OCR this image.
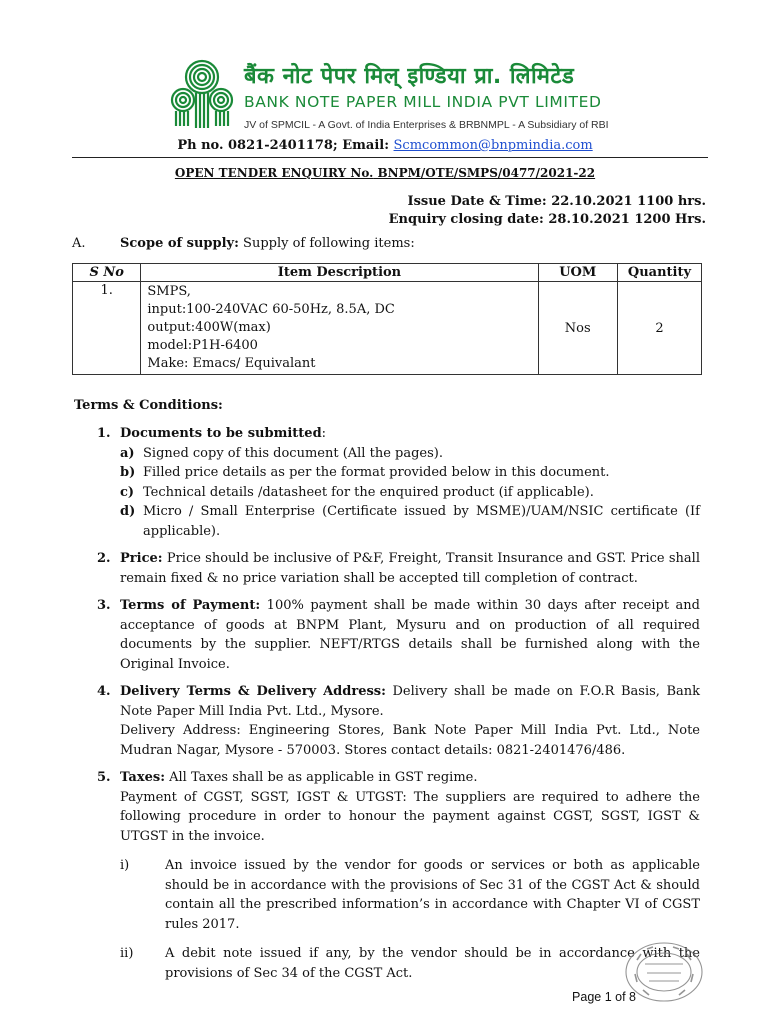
बैंक नोट पेपर मिल् इण्डिया प्रा. लिमिटेड
BANK NOTE PAPER MILL INDIA PVT LIMITED
JV of SPMCIL - A Govt. of India Enterprises & BRBNMPL - A Subsidiary of RBI
Ph no. 0821-2401178; Email: Scmcommon@bnpmindia.com
OPEN TENDER ENQUIRY No. BNPM/OTE/SMPS/0477/2021-22
Issue Date & Time: 22.10.2021 1100 hrs.
Enquiry closing date: 28.10.2021 1200 Hrs.
A.	Scope of supply: Supply of following items:
S No	Item Description	UOM	Quantity
1.	SMPS,
input:100-240VAC 60-50Hz, 8.5A, DC
output:400W(max)
model:P1H-6400
Make: Emacs/ Equivalant	Nos	2
Terms & Conditions:
1. Documents to be submitted:
a) Signed copy of this document (All the pages).
b) Filled price details as per the format provided below in this document.
c) Technical details /datasheet for the enquired product (if applicable).
d) Micro / Small Enterprise (Certificate issued by MSME)/UAM/NSIC certificate (If applicable).
2. Price: Price should be inclusive of P&F, Freight, Transit Insurance and GST. Price shall remain fixed & no price variation shall be accepted till completion of contract.
3. Terms of Payment: 100% payment shall be made within 30 days after receipt and acceptance of goods at BNPM Plant, Mysuru and on production of all required documents by the supplier. NEFT/RTGS details shall be furnished along with the Original Invoice.
4. Delivery Terms & Delivery Address: Delivery shall be made on F.O.R Basis, Bank Note Paper Mill India Pvt. Ltd., Mysore.
Delivery Address: Engineering Stores, Bank Note Paper Mill India Pvt. Ltd., Note Mudran Nagar, Mysore - 570003. Stores contact details: 0821-2401476/486.
5. Taxes: All Taxes shall be as applicable in GST regime.
Payment of CGST, SGST, IGST & UTGST: The suppliers are required to adhere the following procedure in order to honour the payment against CGST, SGST, IGST & UTGST in the invoice.
i)	An invoice issued by the vendor for goods or services or both as applicable should be in accordance with the provisions of Sec 31 of the CGST Act & should contain all the prescribed information’s in accordance with Chapter VI of CGST rules 2017.
ii) A debit note issued if any, by the vendor should be in accordance with the provisions of Sec 34 of the CGST Act.
Page 1 of 8
